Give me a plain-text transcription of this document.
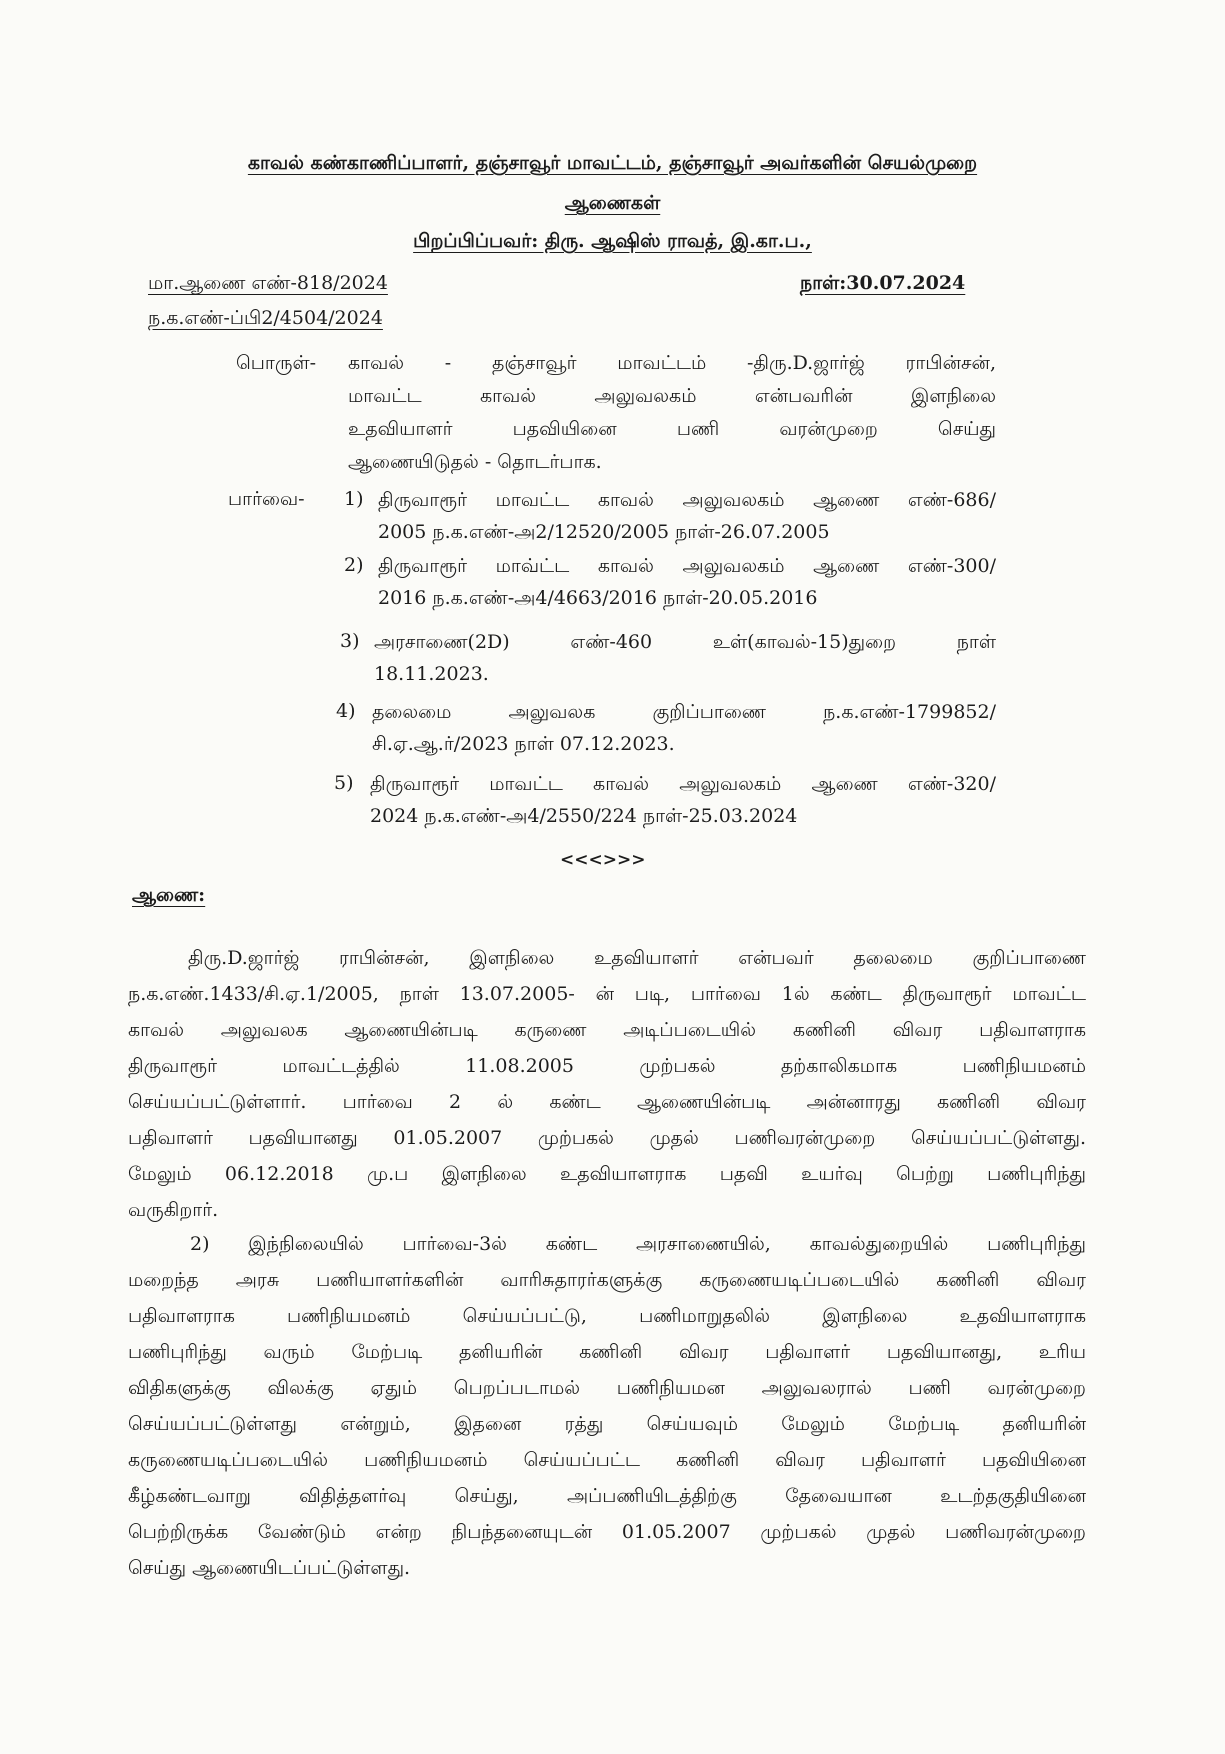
காவல் கண்காணிப்பாளர், தஞ்சாவூர் மாவட்டம், தஞ்சாவூர் அவர்களின் செயல்முறை
ஆணைகள்
பிறப்பிப்பவர்: திரு. ஆஷிஸ் ராவத், இ.கா.ப.,
மா.ஆணை எண்-818/2024	நாள்:30.07.2024
ந.க.எண்-ப்பி2/4504/2024
பொருள்- காவல் - தஞ்சாவூர் மாவட்டம் -திரு.D.ஜார்ஜ் ராபின்சன்,
மாவட்ட காவல் அலுவலகம் என்பவரின் இளநிலை
உதவியாளர் பதவியினை பணி வரன்முறை செய்து
ஆணையிடுதல் - தொடர்பாக.
பார்வை- 1) திருவாரூர் மாவட்ட காவல் அலுவலகம் ஆணை எண்-686/
2005 ந.க.எண்-அ2/12520/2005 நாள்-26.07.2005
2) திருவாரூர் மாவ்ட்ட காவல் அலுவலகம் ஆணை எண்-300/
2016 ந.க.எண்-அ4/4663/2016 நாள்-20.05.2016
3) அரசாணை(2D) எண்-460 உள்(காவல்-15)துறை நாள்
18.11.2023.
4) தலைமை அலுவலக குறிப்பாணை ந.க.எண்-1799852/
சி.ஏ.ஆ.ர்/2023 நாள் 07.12.2023.
5) திருவாரூர் மாவட்ட காவல் அலுவலகம் ஆணை எண்-320/
2024 ந.க.எண்-அ4/2550/224 நாள்-25.03.2024
<<<>>>
ஆணை:
திரு.D.ஜார்ஜ் ராபின்சன், இளநிலை உதவியாளர் என்பவர் தலைமை குறிப்பாணை
ந.க.எண்.1433/சி.ஏ.1/2005, நாள் 13.07.2005- ன் படி, பார்வை 1ல் கண்ட திருவாரூர் மாவட்ட
காவல் அலுவலக ஆணையின்படி கருணை அடிப்படையில் கணினி விவர பதிவாளராக
திருவாரூர் மாவட்டத்தில் 11.08.2005 முற்பகல் தற்காலிகமாக பணிநியமனம்
செய்யப்பட்டுள்ளார். பார்வை 2 ல் கண்ட ஆணையின்படி அன்னாரது கணினி விவர
பதிவாளர் பதவியானது 01.05.2007 முற்பகல் முதல் பணிவரன்முறை செய்யப்பட்டுள்ளது.
மேலும் 06.12.2018 மு.ப இளநிலை உதவியாளராக பதவி உயர்வு பெற்று பணிபுரிந்து
வருகிறார்.
2) இந்நிலையில் பார்வை-3ல் கண்ட அரசாணையில், காவல்துறையில் பணிபுரிந்து
மறைந்த அரசு பணியாளர்களின் வாரிசுதாரர்களுக்கு கருணையடிப்படையில் கணினி விவர
பதிவாளராக பணிநியமனம் செய்யப்பட்டு, பணிமாறுதலில் இளநிலை உதவியாளராக
பணிபுரிந்து வரும் மேற்படி தனியரின் கணினி விவர பதிவாளர் பதவியானது, உரிய
விதிகளுக்கு விலக்கு ஏதும் பெறப்படாமல் பணிநியமன அலுவலரால் பணி வரன்முறை
செய்யப்பட்டுள்ளது என்றும், இதனை ரத்து செய்யவும் மேலும் மேற்படி தனியரின்
கருணையடிப்படையில் பணிநியமனம் செய்யப்பட்ட கணினி விவர பதிவாளர் பதவியினை
கீழ்கண்டவாறு விதித்தளர்வு செய்து, அப்பணியிடத்திற்கு தேவையான உடற்தகுதியினை
பெற்றிருக்க வேண்டும் என்ற நிபந்தனையுடன் 01.05.2007 முற்பகல் முதல் பணிவரன்முறை
செய்து ஆணையிடப்பட்டுள்ளது.
